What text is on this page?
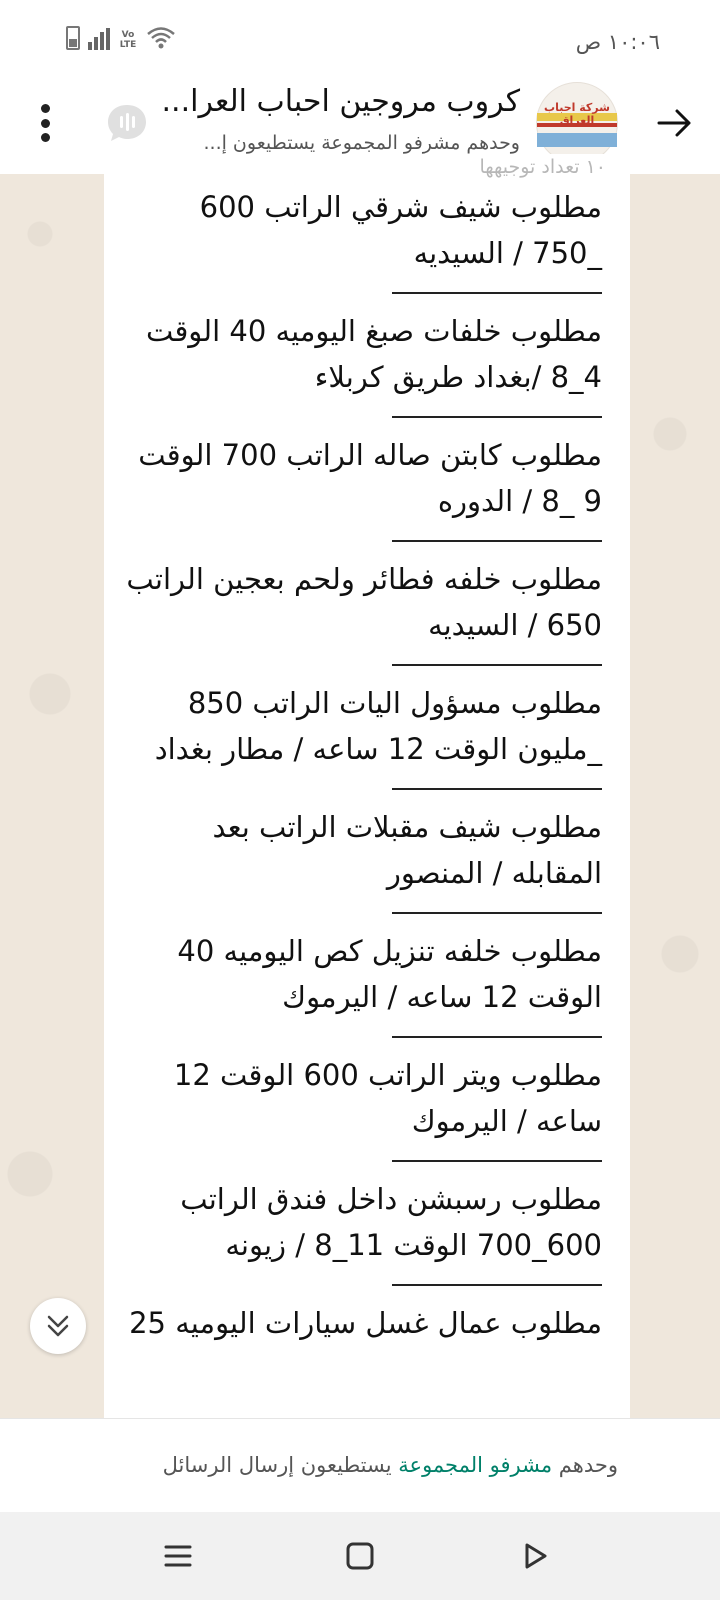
Vo LTE	١٠:٠٦ ص
شركة احباب العراق
كروب مروجين احباب العرا...
وحدهم مشرفو المجموعة يستطيعون إ...
١٠ تعداد توجيهها
مطلوب شيف شرقي الراتب 600 _750 / السيديه
مطلوب خلفات صبغ اليوميه 40 الوقت 4_8 /بغداد طريق كربلاء
مطلوب كابتن صاله الراتب 700 الوقت 9 _8 / الدوره
مطلوب خلفه فطائر ولحم بعجين الراتب 650 / السيديه
مطلوب مسؤول اليات الراتب 850 _مليون الوقت 12 ساعه / مطار بغداد
مطلوب شيف مقبلات الراتب بعد المقابله / المنصور
مطلوب خلفه تنزيل كص اليوميه 40 الوقت 12 ساعه / اليرموك
مطلوب ويتر الراتب 600 الوقت 12 ساعه / اليرموك
مطلوب رسبشن داخل فندق الراتب 600_700 الوقت 11_8 / زيونه
مطلوب عمال غسل سيارات اليوميه 25
وحدهم مشرفو المجموعة يستطيعون إرسال الرسائل
